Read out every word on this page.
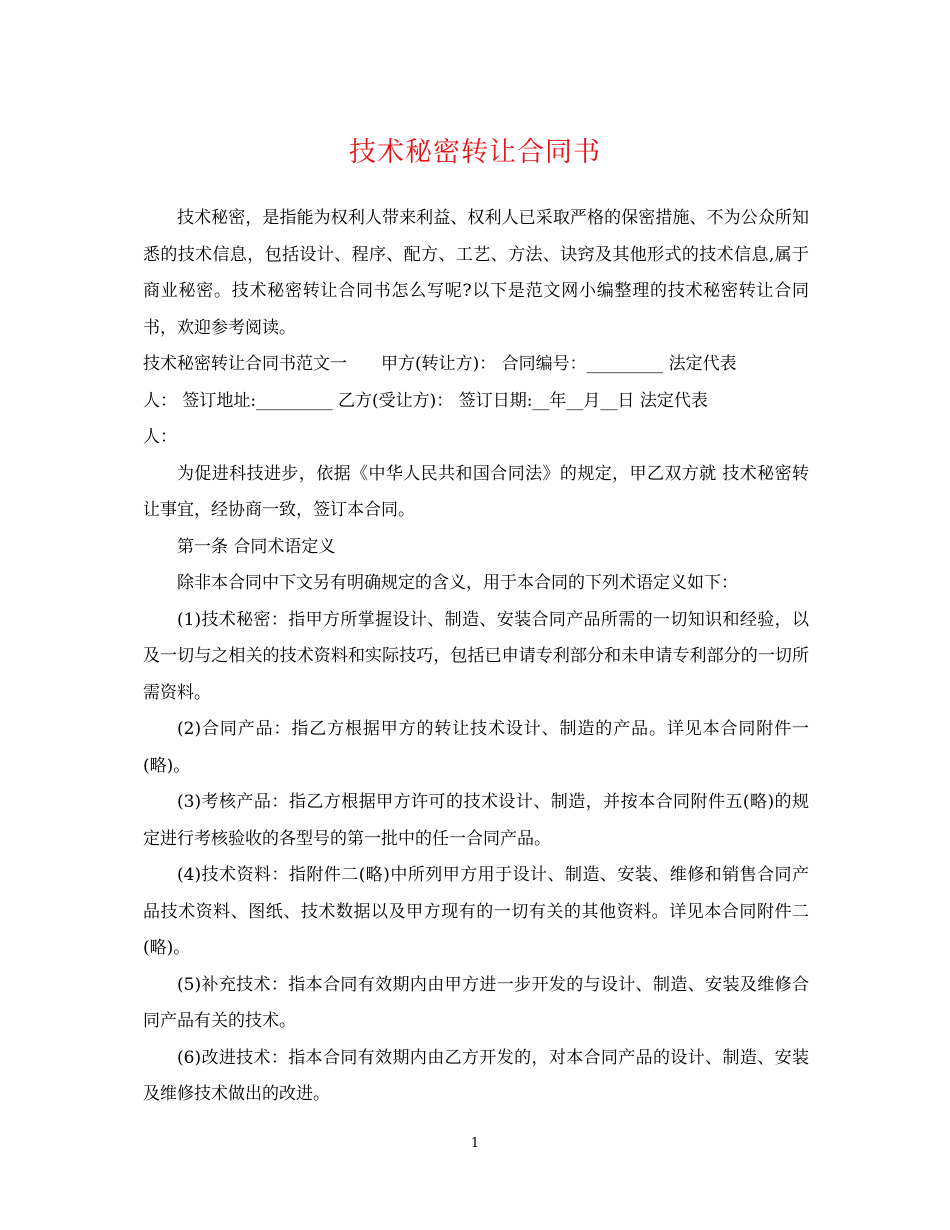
技术秘密转让合同书

技术秘密，是指能为权利人带来利益、权利人已采取严格的保密措施、不为公众所知悉的技术信息，包括设计、程序、配方、工艺、方法、诀窍及其他形式的技术信息,属于商业秘密。技术秘密转让合同书怎么写呢?以下是范文网小编整理的技术秘密转让合同书，欢迎参考阅读。

技术秘密转让合同书范文一　　甲方(转让方)： 合同编号：_________ 法定代表

人： 签订地址:_________ 乙方(受让方)： 签订日期:__年__月__日 法定代表

人：

为促进科技进步，依据《中华人民共和国合同法》的规定，甲乙双方就 技术秘密转让事宜，经协商一致，签订本合同。

第一条 合同术语定义

除非本合同中下文另有明确规定的含义，用于本合同的下列术语定义如下：

(1)技术秘密：指甲方所掌握设计、制造、安装合同产品所需的一切知识和经验，以及一切与之相关的技术资料和实际技巧，包括已申请专利部分和未申请专利部分的一切所需资料。

(2)合同产品：指乙方根据甲方的转让技术设计、制造的产品。详见本合同附件一(略)。

(3)考核产品：指乙方根据甲方许可的技术设计、制造，并按本合同附件五(略)的规定进行考核验收的各型号的第一批中的任一合同产品。

(4)技术资料：指附件二(略)中所列甲方用于设计、制造、安装、维修和销售合同产品技术资料、图纸、技术数据以及甲方现有的一切有关的其他资料。详见本合同附件二(略)。

(5)补充技术：指本合同有效期内由甲方进一步开发的与设计、制造、安装及维修合同产品有关的技术。

(6)改进技术：指本合同有效期内由乙方开发的，对本合同产品的设计、制造、安装及维修技术做出的改进。

1
